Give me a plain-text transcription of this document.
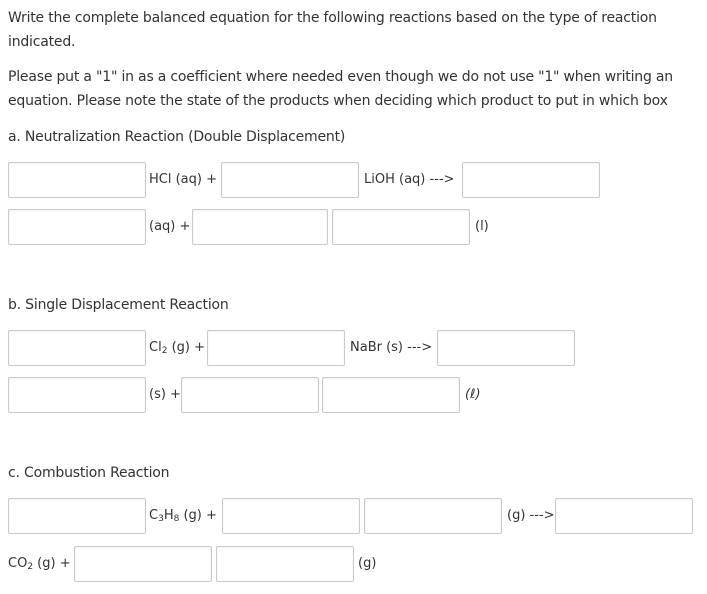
Write the complete balanced equation for the following reactions based on the type of reaction
indicated.
Please put a "1" in as a coefficient where needed even though we do not use "1" when writing an
equation. Please note the state of the products when deciding which product to put in which box
a. Neutralization Reaction (Double Displacement)
HCl (aq) +	LiOH (aq) --->
(aq) +	(l)
b. Single Displacement Reaction
$Cl_2$ (g) +	NaBr (s) --->
(s) +	(ℓ)
c. Combustion Reaction
$C_3H_8$ (g) +	(g) --->
$CO_2$ (g) +	(g)
